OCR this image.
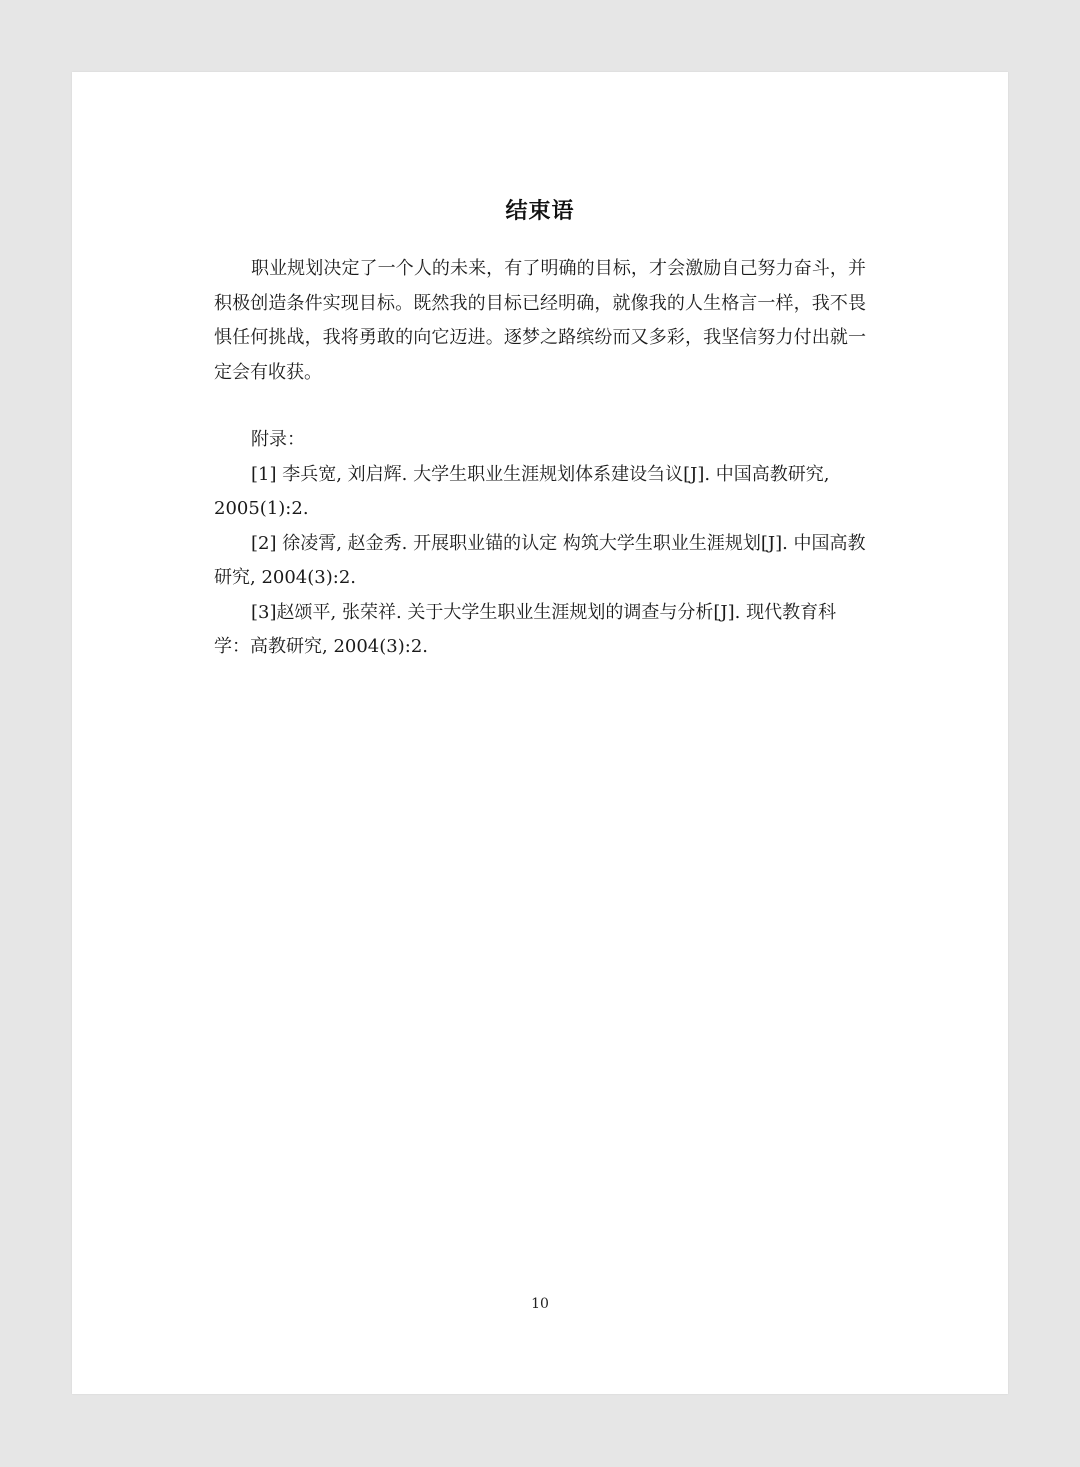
结束语

职业规划决定了一个人的未来，有了明确的目标，才会激励自己努力奋斗，并积极创造条件实现目标。既然我的目标已经明确，就像我的人生格言一样，我不畏惧任何挑战，我将勇敢的向它迈进。逐梦之路缤纷而又多彩，我坚信努力付出就一定会有收获。

附录：

[1] 李兵宽, 刘启辉. 大学生职业生涯规划体系建设刍议[J]. 中国高教研究, 2005(1):2.

[2] 徐凌霄, 赵金秀. 开展职业锚的认定 构筑大学生职业生涯规划[J]. 中国高教研究, 2004(3):2.

[3]赵颂平, 张荣祥. 关于大学生职业生涯规划的调查与分析[J]. 现代教育科学：高教研究, 2004(3):2.

10
